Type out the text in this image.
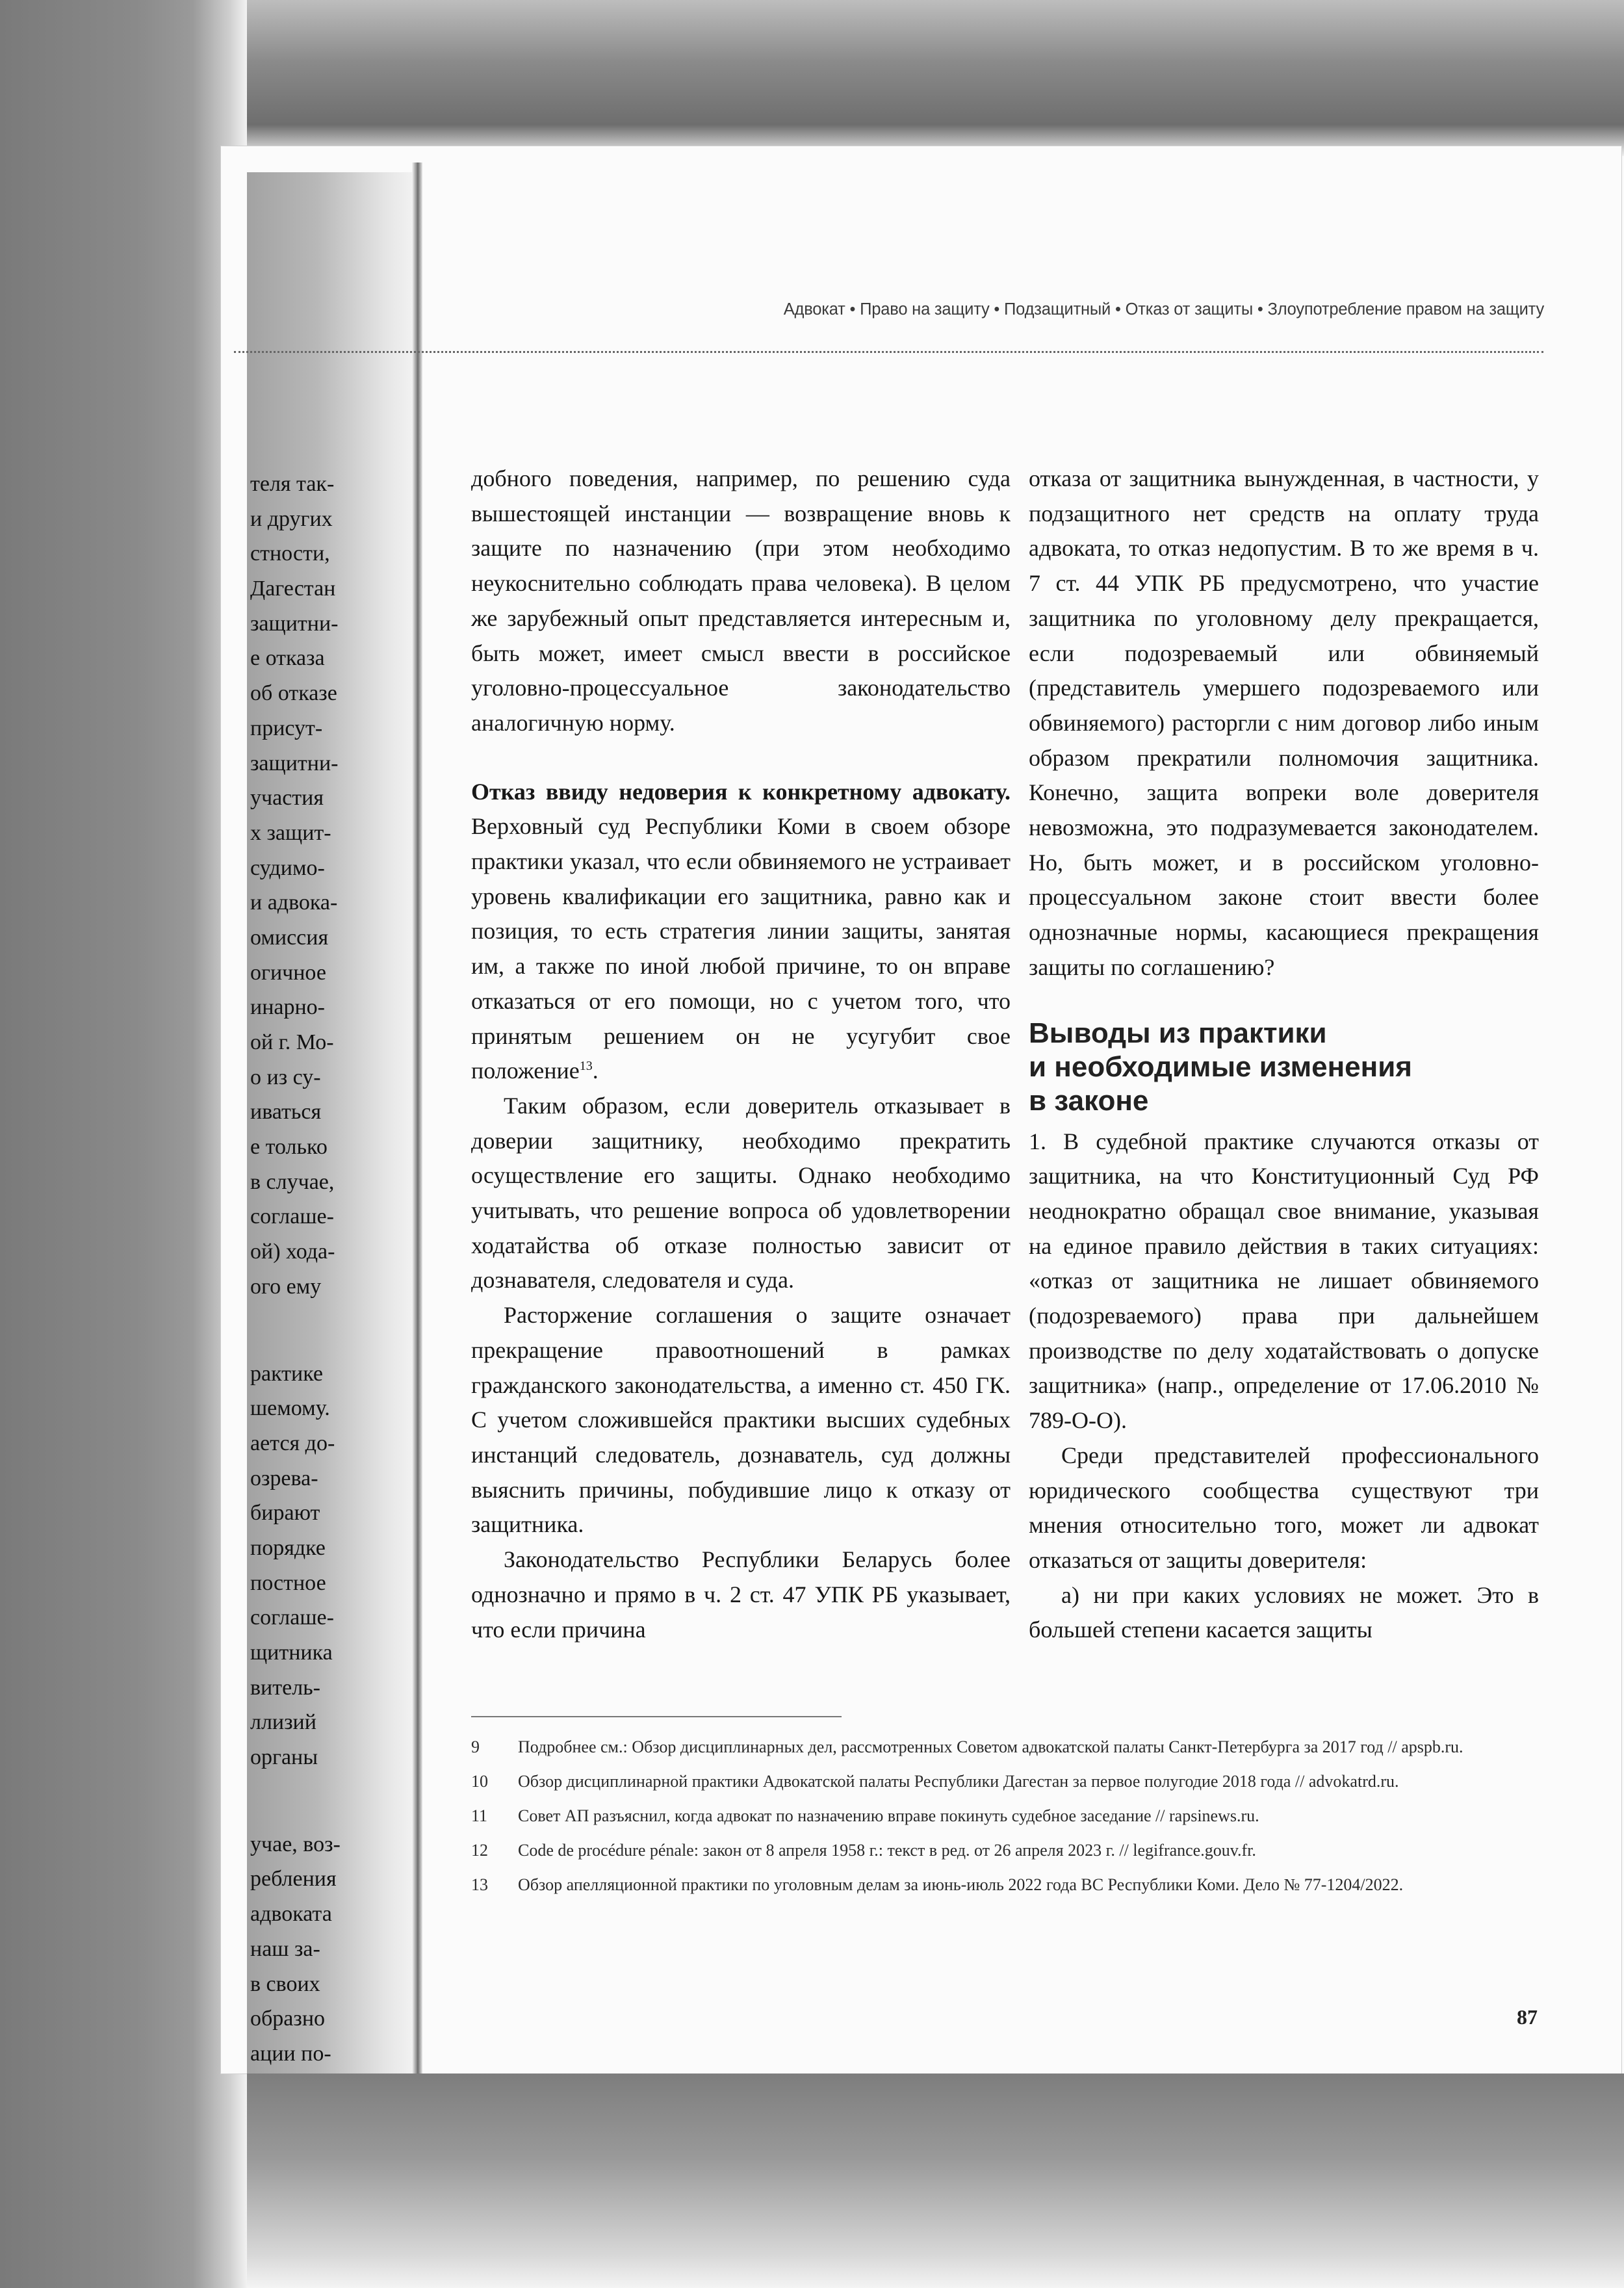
теля так-
и других
стности,
Дагестан
защитни-
е отказа
об отказе
присут-
защитни-
участия
х защит-
судимо-
и адвока-
омиссия
огичное
инарно-
ой г. Мо-
о из су-
иваться
е только
в случае,
соглаше-
ой) хода-
ого ему
рактике
шемому.
ается до-
озрева-
бирают
порядке
постное
соглаше-
щитника
витель-
ллизий
органы
учае, воз-
ребления
адвоката
наш за-
в своих
образно
ации по-
Адвокат • Право на защиту • Подзащитный • Отказ от защиты • Злоупотребление правом на защиту

добного поведения, например, по решению суда вышестоящей инстанции — возвращение вновь к защите по назначению (при этом необходимо неукоснительно соблюдать права человека). В целом же зарубежный опыт представляется интересным и, быть может, имеет смысл ввести в российское уголовно-процессуальное законодательство аналогичную норму.

Отказ ввиду недоверия к конкретному адвокату. Верховный суд Республики Коми в своем обзоре практики указал, что если обвиняемого не устраивает уровень квалификации его защитника, равно как и позиция, то есть стратегия линии защиты, занятая им, а также по иной любой причине, то он вправе отказаться от его помощи, но с учетом того, что принятым решением он не усугубит свое положение$^{13}$.

Таким образом, если доверитель отказывает в доверии защитнику, необходимо прекратить осуществление его защиты. Однако необходимо учитывать, что решение вопроса об удовлетворении ходатайства об отказе полностью зависит от дознавателя, следователя и суда.

Расторжение соглашения о защите означает прекращение правоотношений в рамках гражданского законодательства, а именно ст. 450 ГК. С учетом сложившейся практики высших судебных инстанций следователь, дознаватель, суд должны выяснить причины, побудившие лицо к отказу от защитника.

Законодательство Республики Беларусь более однозначно и прямо в ч. 2 ст. 47 УПК РБ указывает, что если причина

отказа от защитника вынужденная, в частности, у подзащитного нет средств на оплату труда адвоката, то отказ недопустим. В то же время в ч. 7 ст. 44 УПК РБ предусмотрено, что участие защитника по уголовному делу прекращается, если подозреваемый или обвиняемый (представитель умершего подозреваемого или обвиняемого) расторгли с ним договор либо иным образом прекратили полномочия защитника. Конечно, защита вопреки воле доверителя невозможна, это подразумевается законодателем. Но, быть может, и в российском уголовно-процессуальном законе стоит ввести более однозначные нормы, касающиеся прекращения защиты по соглашению?

Выводы из практики
и необходимые изменения
в законе

1. В судебной практике случаются отказы от защитника, на что Конституционный Суд РФ неоднократно обращал свое внимание, указывая на единое правило действия в таких ситуациях: «отказ от защитника не лишает обвиняемого (подозреваемого) права при дальнейшем производстве по делу ходатайствовать о допуске защитника» (напр., определение от 17.06.2010 № 789-О-О).

Среди представителей профессионального юридического сообщества существуют три мнения относительно того, может ли адвокат отказаться от защиты доверителя:

а) ни при каких условиях не может. Это в большей степени касается защиты

9	Подробнее см.: Обзор дисциплинарных дел, рассмотренных Советом адвокатской палаты Санкт-Петербурга за 2017 год // apspb.ru.
10	Обзор дисциплинарной практики Адвокатской палаты Республики Дагестан за первое полугодие 2018 года // advokatrd.ru.
11	Совет АП разъяснил, когда адвокат по назначению вправе покинуть судебное заседание // rapsinews.ru.
12	Code de procédure pénale: закон от 8 апреля 1958 г.: текст в ред. от 26 апреля 2023 г. // legifrance.gouv.fr.
13	Обзор апелляционной практики по уголовным делам за июнь-июль 2022 года ВС Республики Коми. Дело № 77-1204/2022.
87
